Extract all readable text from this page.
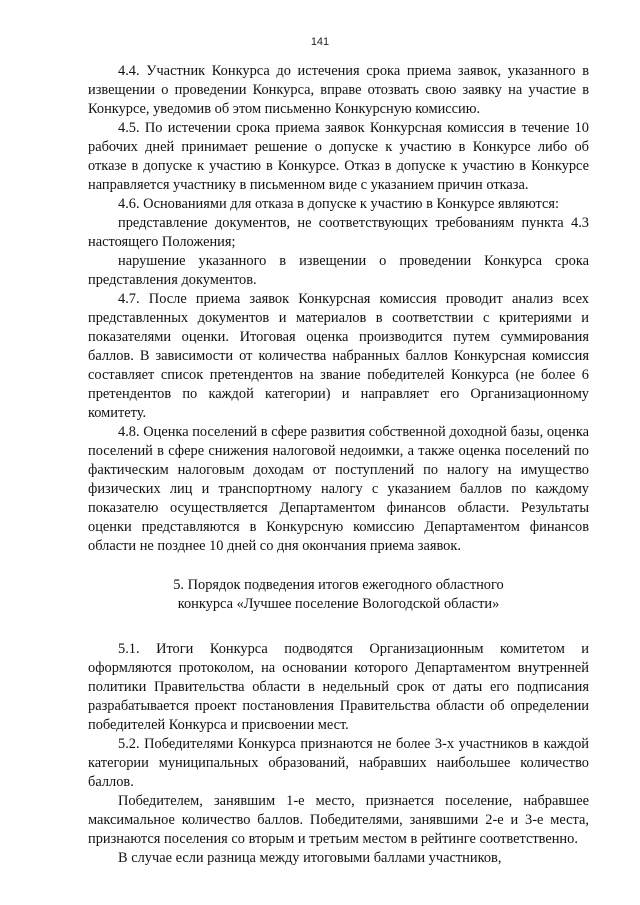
141

4.4. Участник Конкурса до истечения срока приема заявок, указанного в извещении о проведении Конкурса, вправе отозвать свою заявку на участие в Конкурсе, уведомив об этом письменно Конкурсную комиссию.

4.5. По истечении срока приема заявок Конкурсная комиссия в течение 10 рабочих дней принимает решение о допуске к участию в Конкурсе либо об отказе в допуске к участию в Конкурсе. Отказ в допуске к участию в Конкурсе направляется участнику в письменном виде с указанием причин отказа.

4.6. Основаниями для отказа в допуске к участию в Конкурсе являются:

представление документов, не соответствующих требованиям пункта 4.3 настоящего Положения;

нарушение указанного в извещении о проведении Конкурса срока представления документов.

4.7. После приема заявок Конкурсная комиссия проводит анализ всех представленных документов и материалов в соответствии с критериями и показателями оценки. Итоговая оценка производится путем суммирования баллов. В зависимости от количества набранных баллов Конкурсная комиссия составляет список претендентов на звание победителей Конкурса (не более 6 претендентов по каждой категории) и направляет его Организационному комитету.

4.8. Оценка поселений в сфере развития собственной доходной базы, оценка поселений в сфере снижения налоговой недоимки, а также оценка поселений по фактическим налоговым доходам от поступлений по налогу на имущество физических лиц и транспортному налогу с указанием баллов по каждому показателю осуществляется Департаментом финансов области. Результаты оценки представляются в Конкурсную комиссию Департаментом финансов области не позднее 10 дней со дня окончания приема заявок.

5. Порядок подведения итогов ежегодного областного

конкурса «Лучшее поселение Вологодской области»

5.1. Итоги Конкурса подводятся Организационным комитетом и оформляются протоколом, на основании которого Департаментом внутренней политики Правительства области в недельный срок от даты его подписания разрабатывается проект постановления Правительства области об определении победителей Конкурса и присвоении мест.

5.2. Победителями Конкурса признаются не более 3-х участников в каждой категории муниципальных образований, набравших наибольшее количество баллов.

Победителем, занявшим 1-е место, признается поселение, набравшее максимальное количество баллов. Победителями, занявшими 2-е и 3-е места, признаются поселения со вторым и третьим местом в рейтинге соответственно.

В случае если разница между итоговыми баллами участников,
